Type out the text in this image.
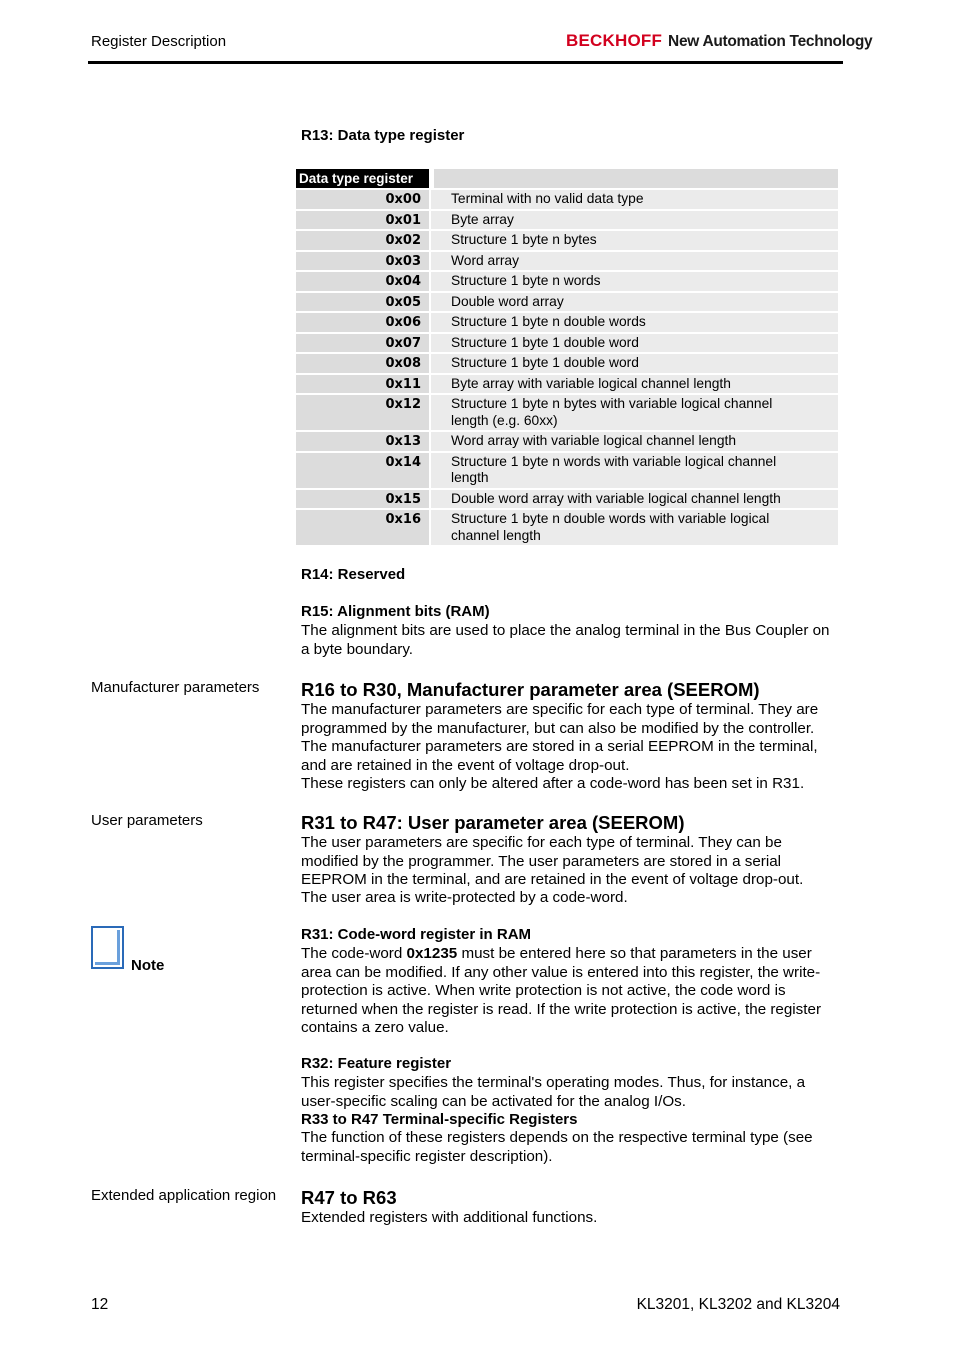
Register Description	BECKHOFF New Automation Technology
R13: Data type register
Data type register
0x00	Terminal with no valid data type
0x01	Byte array
0x02	Structure 1 byte n bytes
0x03	Word array
0x04	Structure 1 byte n words
0x05	Double word array
0x06	Structure 1 byte n double words
0x07	Structure 1 byte 1 double word
0x08	Structure 1 byte 1 double word
0x11	Byte array with variable logical channel length
0x12	Structure 1 byte n bytes with variable logical channel length (e.g. 60xx)
0x13	Word array with variable logical channel length
0x14	Structure 1 byte n words with variable logical channel length
0x15	Double word array with variable logical channel length
0x16	Structure 1 byte n double words with variable logical channel length
R14: Reserved
R15: Alignment bits (RAM)
The alignment bits are used to place the analog terminal in the Bus Coupler on a byte boundary.
Manufacturer parameters R16 to R30, Manufacturer parameter area (SEEROM)
The manufacturer parameters are specific for each type of terminal. They are programmed by the manufacturer, but can also be modified by the controller. The manufacturer parameters are stored in a serial EEPROM in the terminal, and are retained in the event of voltage drop-out.
These registers can only be altered after a code-word has been set in R31.
User parameters	R31 to R47: User parameter area (SEEROM)
The user parameters are specific for each type of terminal. They can be modified by the programmer. The user parameters are stored in a serial EEPROM in the terminal, and are retained in the event of voltage drop-out.
The user area is write-protected by a code-word.
Note
R31: Code-word register in RAM
The code-word 0x1235 must be entered here so that parameters in the user area can be modified. If any other value is entered into this register, the write-protection is active. When write protection is not active, the code word is returned when the register is read. If the write protection is active, the register contains a zero value.
R32: Feature register
This register specifies the terminal's operating modes. Thus, for instance, a user-specific scaling can be activated for the analog I/Os.
R33 to R47 Terminal-specific Registers
The function of these registers depends on the respective terminal type (see terminal-specific register description).
Extended application region R47 to R63
Extended registers with additional functions.
12	KL3201, KL3202 and KL3204
